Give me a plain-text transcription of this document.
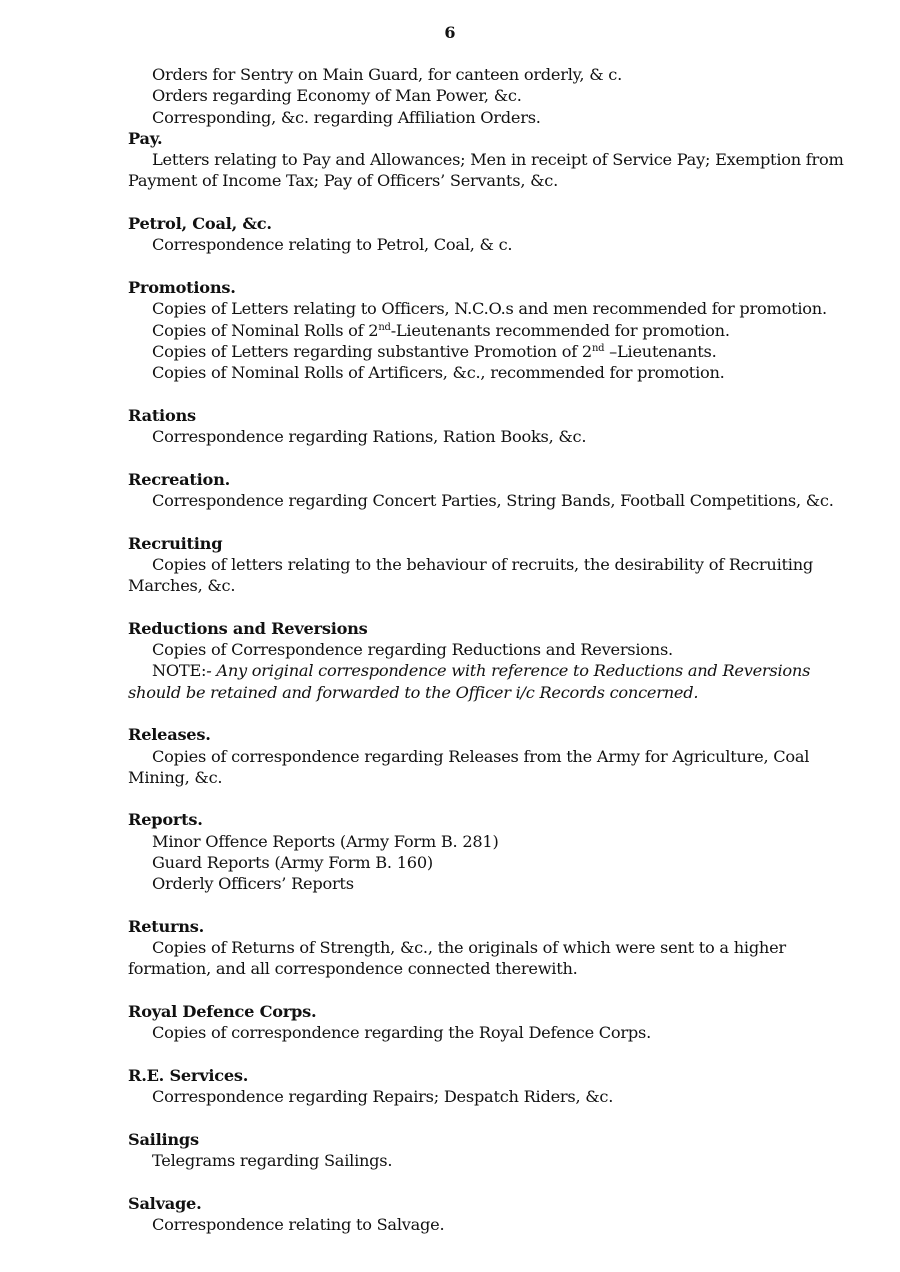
6

Orders for Sentry on Main Guard, for canteen orderly, & c.

Orders regarding Economy of Man Power, &c.

Corresponding, &c. regarding Affiliation Orders.

Pay.

Letters relating to Pay and Allowances; Men in receipt of Service Pay; Exemption from Payment of Income Tax; Pay of Officers’ Servants, &c.

Petrol, Coal, &c.

Correspondence relating to Petrol, Coal, & c.

Promotions.

Copies of Letters relating to Officers, N.C.O.s and men recommended for promotion.

Copies of Nominal Rolls of 2nd-Lieutenants recommended for promotion.

Copies of Letters regarding substantive Promotion of 2nd –Lieutenants.

Copies of Nominal Rolls of Artificers, &c., recommended for promotion.

Rations

Correspondence regarding Rations, Ration Books, &c.

Recreation.

Correspondence regarding Concert Parties, String Bands, Football Competitions, &c.

Recruiting

Copies of letters relating to the behaviour of recruits, the desirability of Recruiting Marches, &c.

Reductions and Reversions

Copies of Correspondence regarding Reductions and Reversions.

NOTE:- Any original correspondence with reference to Reductions and Reversions should be retained and forwarded to the Officer i/c Records concerned.

Releases.

Copies of correspondence regarding Releases from the Army for Agriculture, Coal Mining, &c.

Reports.

Minor Offence Reports (Army Form B. 281)

Guard Reports (Army Form B. 160)

Orderly Officers’ Reports

Returns.

Copies of Returns of Strength, &c., the originals of which were sent to a higher formation, and all correspondence connected therewith.

Royal Defence Corps.

Copies of correspondence regarding the Royal Defence Corps.

R.E. Services.

Correspondence regarding Repairs; Despatch Riders, &c.

Sailings

Telegrams regarding Sailings.

Salvage.

Correspondence relating to Salvage.
